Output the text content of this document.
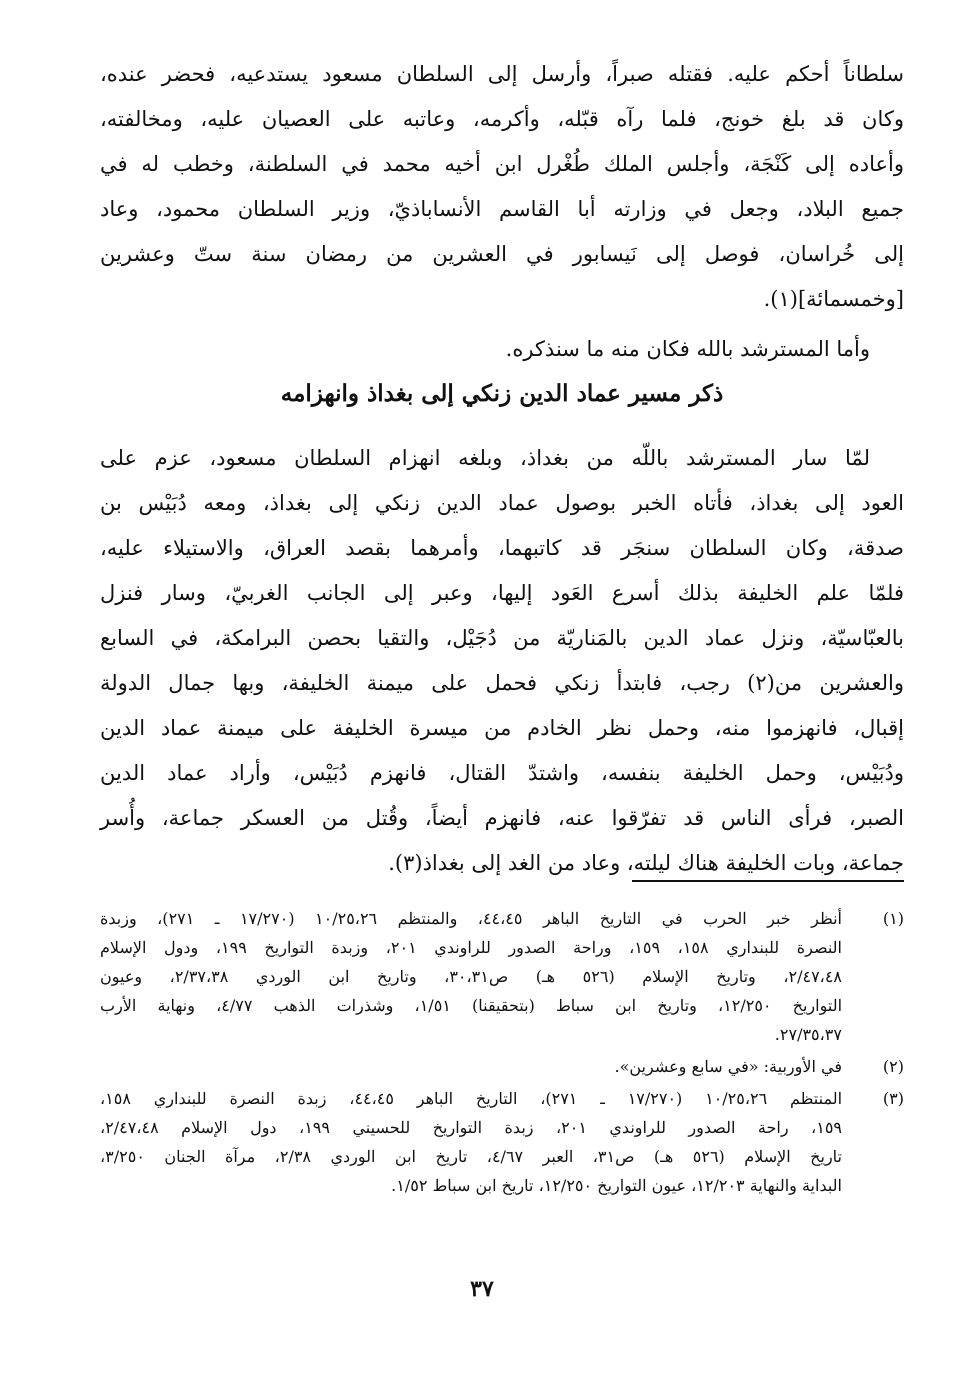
سلطاناً أحكم عليه. فقتله صبراً، وأرسل إلى السلطان مسعود يستدعيه، فحضر عنده،
وكان قد بلغ خونج، فلما رآه قبّله، وأكرمه، وعاتبه على العصيان عليه، ومخالفته،
وأعاده إلى كَنْجَة، وأجلس الملك طُغْرل ابن أخيه محمد في السلطنة، وخطب له في
جميع البلاد، وجعل في وزارته أبا القاسم الأنساباذيّ، وزير السلطان محمود، وعاد
إلى خُراسان، فوصل إلى نَيسابور في العشرين من رمضان سنة ستّ وعشرين
[وخمسمائة](١).
وأما المسترشد بالله فكان منه ما سنذكره.
ذكر مسير عماد الدين زنكي إلى بغداذ وانهزامه
لمّا سار المسترشد باللّه من بغداذ، وبلغه انهزام السلطان مسعود، عزم على
العود إلى بغداذ، فأتاه الخبر بوصول عماد الدين زنكي إلى بغداذ، ومعه دُبَيْس بن
صدقة، وكان السلطان سنجَر قد كاتبهما، وأمرهما بقصد العراق، والاستيلاء عليه،
فلمّا علم الخليفة بذلك أسرع العَود إليها، وعبر إلى الجانب الغربيّ، وسار فنزل
بالعبّاسيّة، ونزل عماد الدين بالمَناريّة من دُجَيْل، والتقيا بحصن البرامكة، في السابع
والعشرين من(٢) رجب، فابتدأ زنكي فحمل على ميمنة الخليفة، وبها جمال الدولة
إقبال، فانهزموا منه، وحمل نظر الخادم من ميسرة الخليفة على ميمنة عماد الدين
ودُبَيْس، وحمل الخليفة بنفسه، واشتدّ القتال، فانهزم دُبَيْس، وأراد عماد الدين
الصبر، فرأى الناس قد تفرّقوا عنه، فانهزم أيضاً، وقُتل من العسكر جماعة، وأُسر
جماعة، وبات الخليفة هناك ليلته، وعاد من الغد إلى بغداذ(٣).
(١)
أنظر خبر الحرب في التاريخ الباهر ٤٤،٤٥، والمنتظم ١٠/٢٥،٢٦ (١٧/٢٧٠ ـ ٢٧١)، وزبدة
النصرة للبنداري ١٥٨، ١٥٩، وراحة الصدور للراوندي ٢٠١، وزبدة التواريخ ١٩٩، ودول الإسلام
٢/٤٧،٤٨، وتاريخ الإسلام (٥٢٦ هـ) ص٣٠،٣١، وتاريخ ابن الوردي ٢/٣٧،٣٨، وعيون
التواريخ ١٢/٢٥٠، وتاريخ ابن سباط (بتحقيقنا) ١/٥١، وشذرات الذهب ٤/٧٧، ونهاية الأرب
٢٧/٣٥،٣٧.
(٢)
في الأوربية: «في سابع وعشرين».
(٣)
المنتظم ١٠/٢٥،٢٦ (١٧/٢٧٠ ـ ٢٧١)، التاريخ الباهر ٤٤،٤٥، زبدة النصرة للبنداري ١٥٨،
١٥٩، راحة الصدور للراوندي ٢٠١، زبدة التواريخ للحسيني ١٩٩، دول الإسلام ٢/٤٧،٤٨،
تاريخ الإسلام (٥٢٦ هـ) ص٣١، العبر ٤/٦٧، تاريخ ابن الوردي ٢/٣٨، مرآة الجنان ٣/٢٥٠،
البداية والنهاية ١٢/٢٠٣، عيون التواريخ ١٢/٢٥٠، تاريخ ابن سباط ١/٥٢.
٣٧
